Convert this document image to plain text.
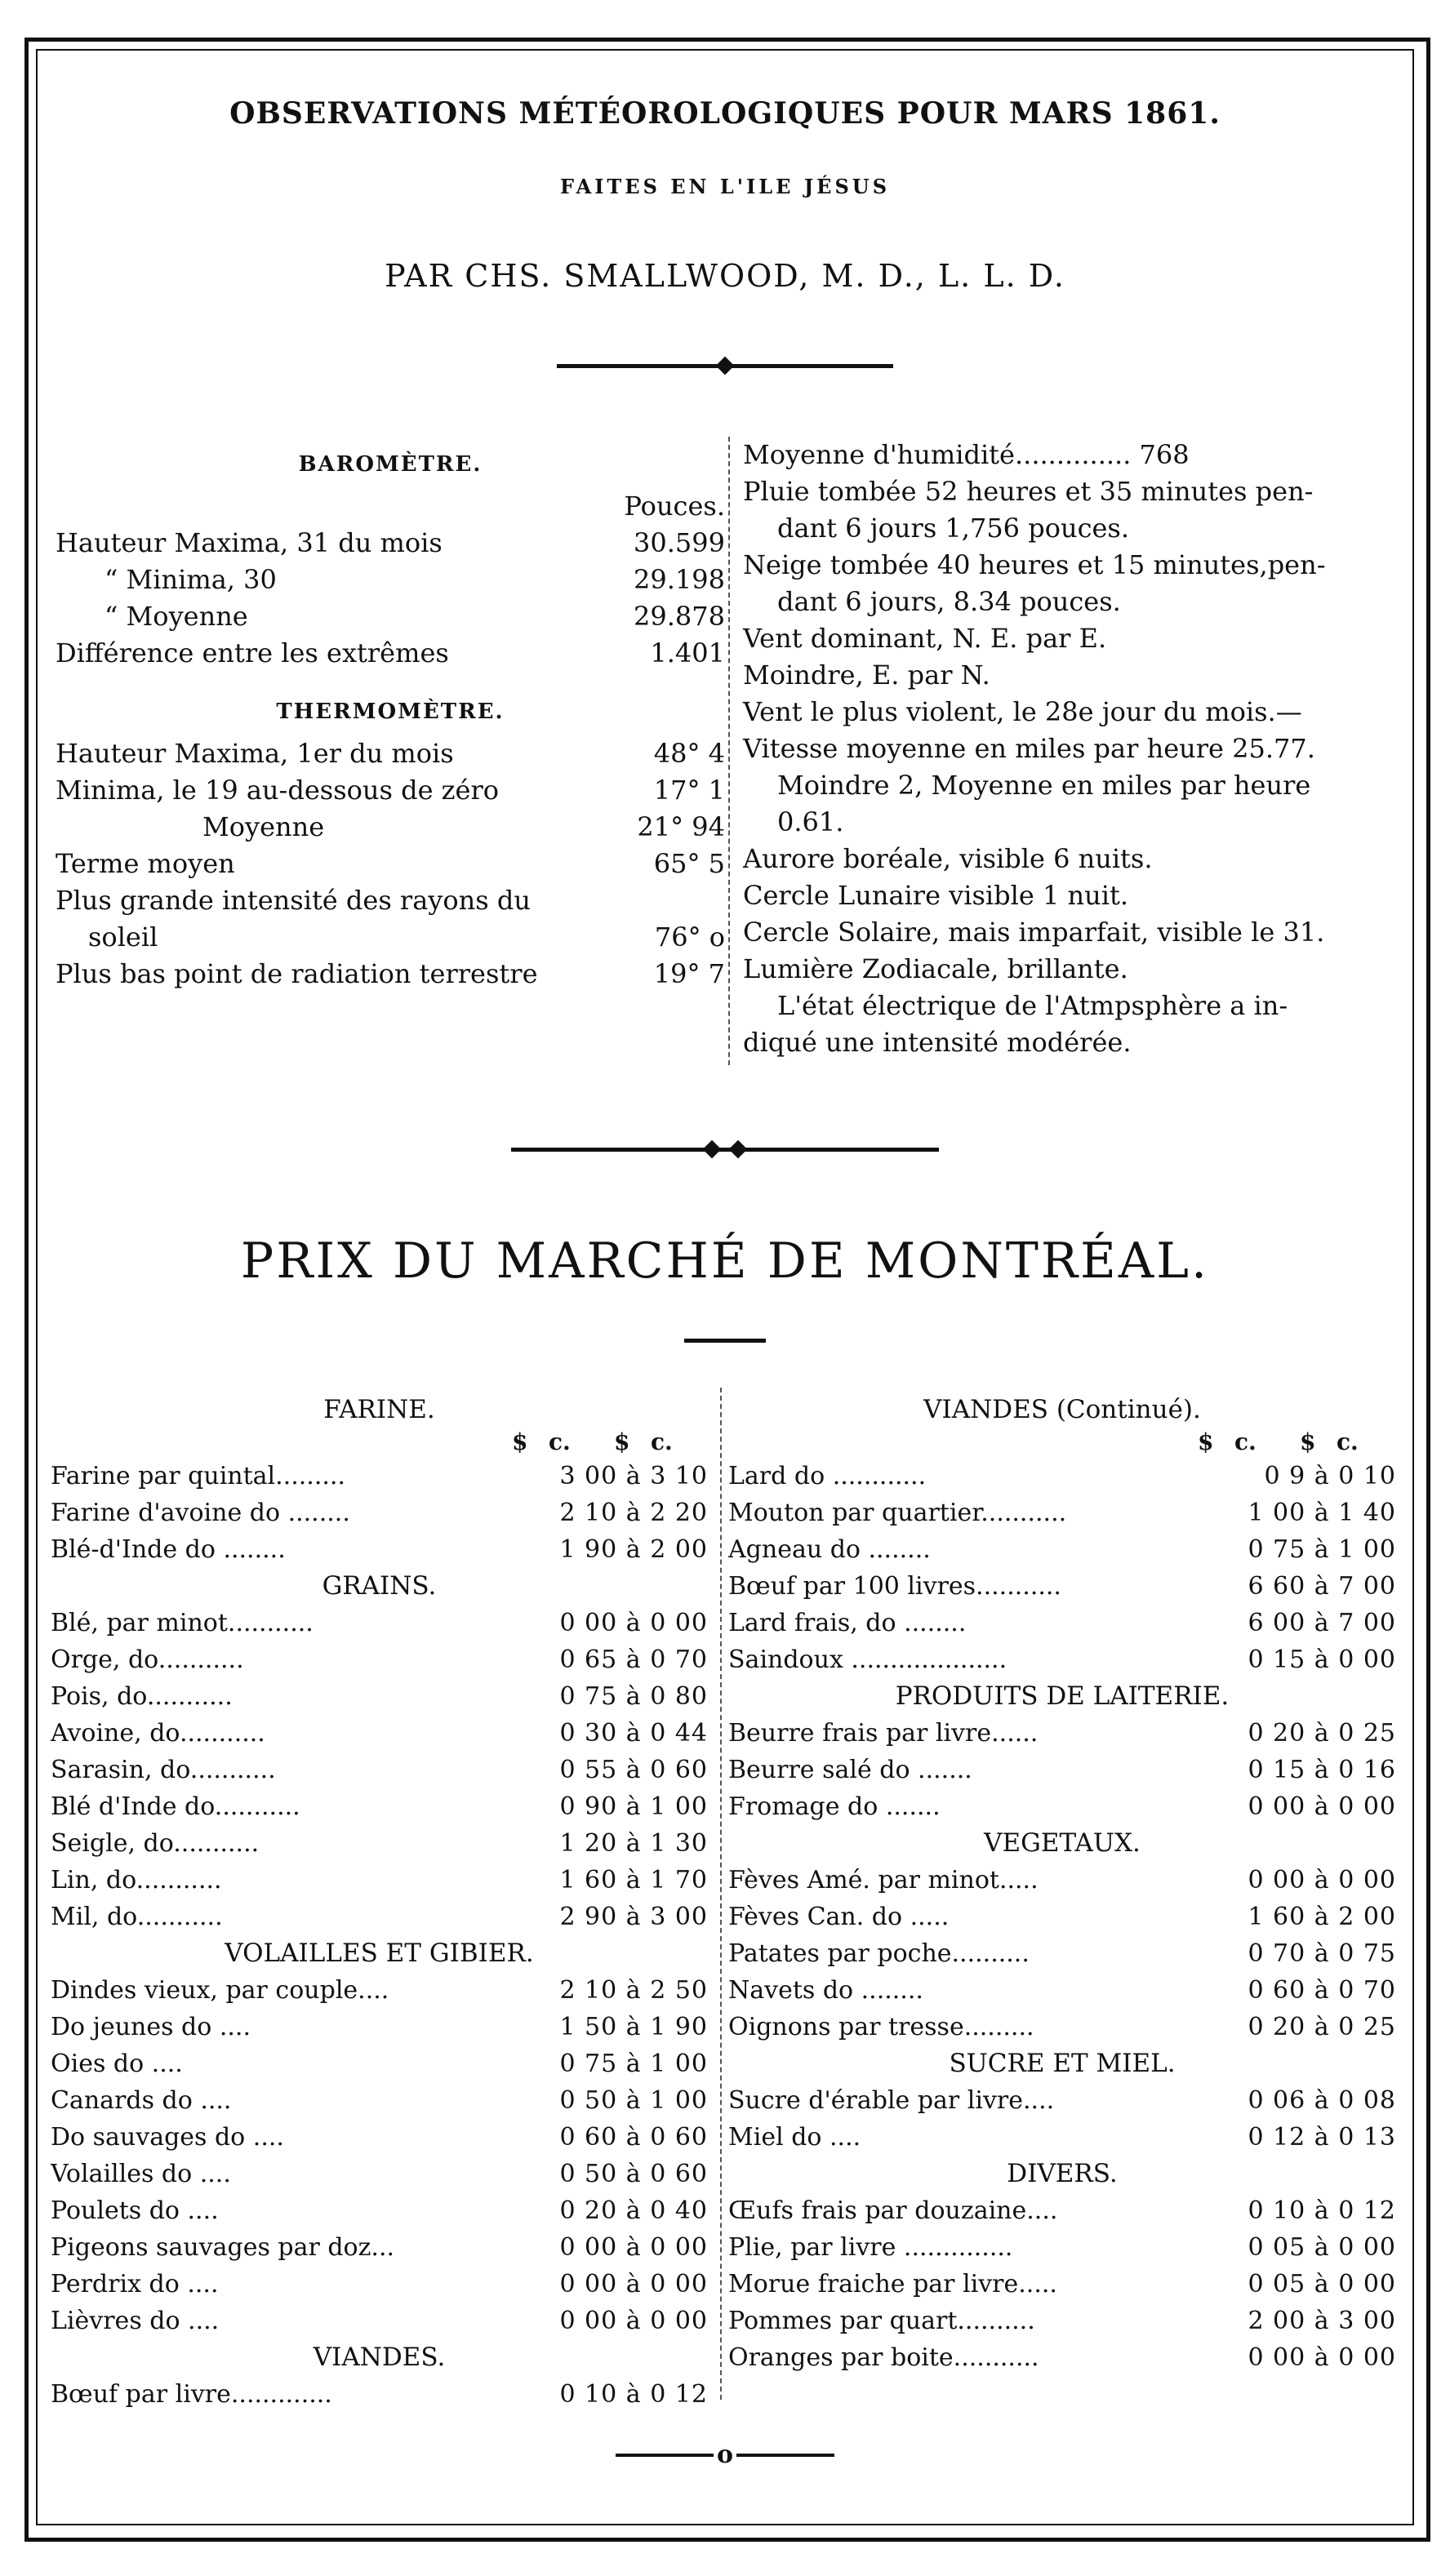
OBSERVATIONS MÉTÉOROLOGIQUES POUR MARS 1861.
FAITES EN L'ILE JÉSUS
PAR CHS. SMALLWOOD, M. D., L. L. D.
BAROMÈTRE.
Pouces.
Hauteur Maxima, 31 du mois	30.599
“ Minima, 30	29.198
“ Moyenne	29.878
Différence entre les extrêmes	1.401
THERMOMÈTRE.
Hauteur Maxima, 1er du mois	48° 4
Minima, le 19 au-dessous de zéro	17° 1
Moyenne	21° 94
Terme moyen	65° 5
Plus grande intensité des rayons du
soleil	76° o
Plus bas point de radiation terrestre	19° 7
Moyenne d'humidité.............. 768
Pluie tombée 52 heures et 35 minutes pen-
dant 6 jours 1,756 pouces.
Neige tombée 40 heures et 15 minutes,pen-
dant 6 jours, 8.34 pouces.
Vent dominant, N. E. par E.
Moindre, E. par N.
Vent le plus violent, le 28e jour du mois.—
Vitesse moyenne en miles par heure 25.77.
Moindre 2, Moyenne en miles par heure
0.61.
Aurore boréale, visible 6 nuits.
Cercle Lunaire visible 1 nuit.
Cercle Solaire, mais imparfait, visible le 31.
Lumière Zodiacale, brillante.
L'état électrique de l'Atmpsphère a in-
diqué une intensité modérée.
PRIX DU MARCHÉ DE MONTRÉAL.
FARINE.
$ c. $ c.
Farine par quintal.........	3 00 à 3 10
Farine d'avoine do ........	2 10 à 2 20
Blé-d'Inde do ........	1 90 à 2 00
GRAINS.
Blé, par minot...........	0 00 à 0 00
Orge, do...........	0 65 à 0 70
Pois, do...........	0 75 à 0 80
Avoine, do...........	0 30 à 0 44
Sarasin, do...........	0 55 à 0 60
Blé d'Inde do...........	0 90 à 1 00
Seigle, do...........	1 20 à 1 30
Lin, do...........	1 60 à 1 70
Mil, do...........	2 90 à 3 00
VOLAILLES ET GIBIER.
Dindes vieux, par couple....	2 10 à 2 50
Do jeunes do ....	1 50 à 1 90
Oies do ....	0 75 à 1 00
Canards do ....	0 50 à 1 00
Do sauvages do ....	0 60 à 0 60
Volailles do ....	0 50 à 0 60
Poulets do ....	0 20 à 0 40
Pigeons sauvages par doz...	0 00 à 0 00
Perdrix do ....	0 00 à 0 00
Lièvres do ....	0 00 à 0 00
VIANDES.
Bœuf par livre.............	0 10 à 0 12
VIANDES (Continué).
$ c. $ c.
Lard do ............	0 9 à 0 10
Mouton par quartier...........	1 00 à 1 40
Agneau do ........	0 75 à 1 00
Bœuf par 100 livres...........	6 60 à 7 00
Lard frais, do ........	6 00 à 7 00
Saindoux ....................	0 15 à 0 00
PRODUITS DE LAITERIE.
Beurre frais par livre......	0 20 à 0 25
Beurre salé do .......	0 15 à 0 16
Fromage do .......	0 00 à 0 00
VEGETAUX.
Fèves Amé. par minot.....	0 00 à 0 00
Fèves Can. do .....	1 60 à 2 00
Patates par poche..........	0 70 à 0 75
Navets do ........	0 60 à 0 70
Oignons par tresse.........	0 20 à 0 25
SUCRE ET MIEL.
Sucre d'érable par livre....	0 06 à 0 08
Miel do ....	0 12 à 0 13
DIVERS.
Œufs frais par douzaine....	0 10 à 0 12
Plie, par livre ..............	0 05 à 0 00
Morue fraiche par livre.....	0 05 à 0 00
Pommes par quart..........	2 00 à 3 00
Oranges par boite...........	0 00 à 0 00
o
